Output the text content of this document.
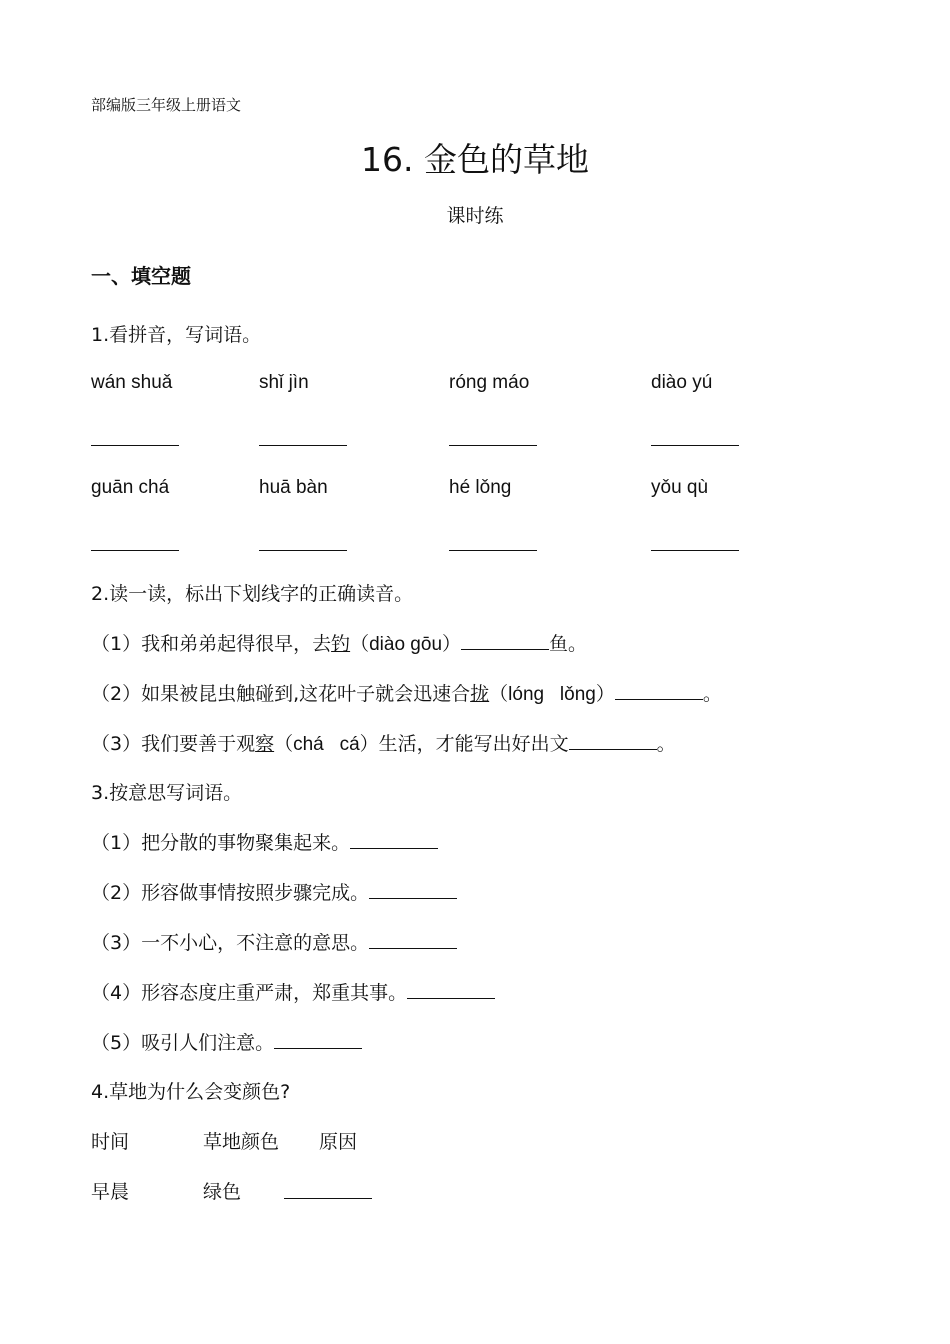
部编版三年级上册语文
16. 金色的草地
课时练
一、填空题
1.看拼音，写词语。
wán shuǎ	shǐ jìn	róng máo	diào yú
guān chá	huā bàn	hé lǒng	yǒu qù
2.读一读，标出下划线字的正确读音。
（1）我和弟弟起得很早，去钓（diào gōu）	鱼。
（2）如果被昆虫触碰到,这花叶子就会迅速合拢（lóng   lǒng）	。
（3）我们要善于观察（chá   cá）生活，才能写出好出文	。
3.按意思写词语。
（1）把分散的事物聚集起来。
（2）形容做事情按照步骤完成。
（3）一不小心，不注意的意思。
（4）形容态度庄重严肃，郑重其事。
（5）吸引人们注意。
4.草地为什么会变颜色?
时间	草地颜色 原因
早晨	绿色
